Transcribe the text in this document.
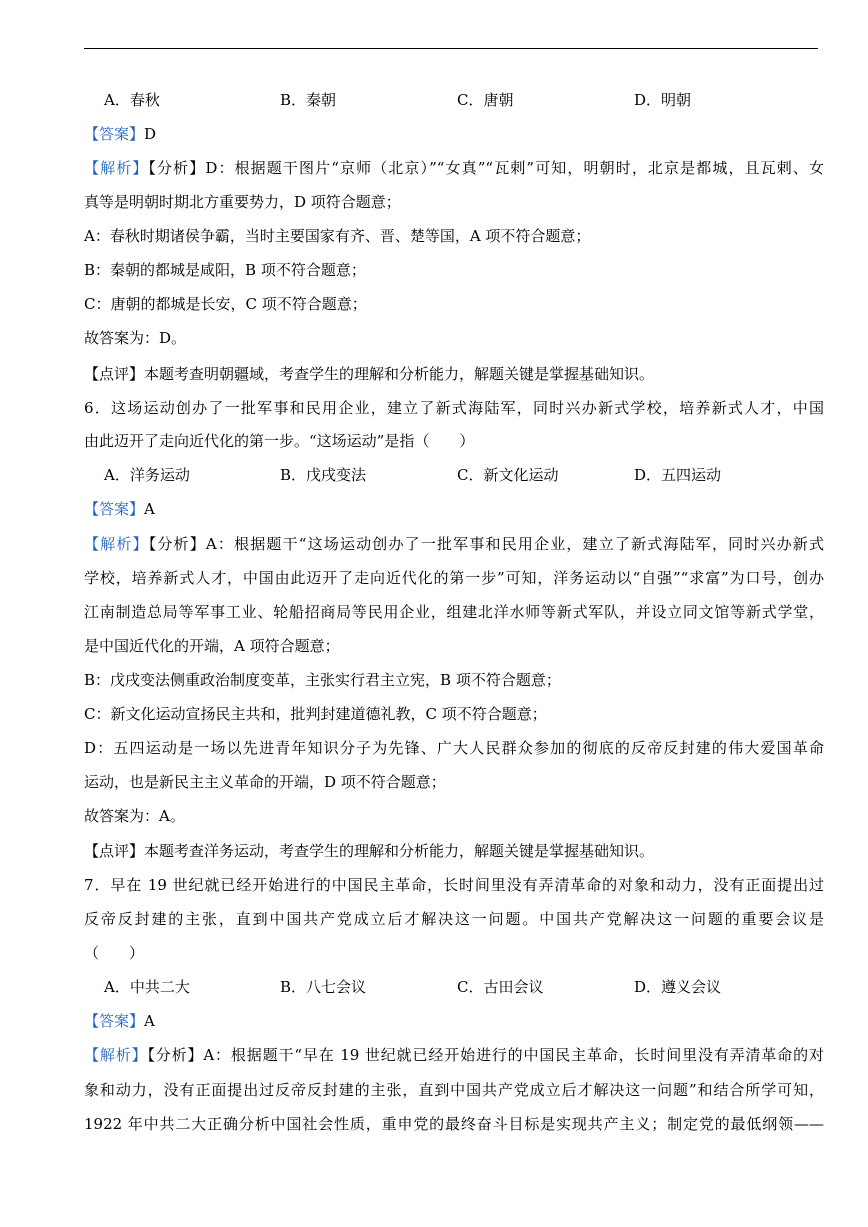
A．春秋	B．秦朝	C．唐朝	D．明朝
【答案】D
【解析】【分析】D：根据题干图片“京师（北京）”“女真”“瓦剌”可知，明朝时，北京是都城，且瓦剌、女
真等是明朝时期北方重要势力，D 项符合题意；
A：春秋时期诸侯争霸，当时主要国家有齐、晋、楚等国，A 项不符合题意；
B：秦朝的都城是咸阳，B 项不符合题意；
C：唐朝的都城是长安，C 项不符合题意；
故答案为：D。
【点评】本题考查明朝疆域，考查学生的理解和分析能力，解题关键是掌握基础知识。
6．这场运动创办了一批军事和民用企业，建立了新式海陆军，同时兴办新式学校，培养新式人才，中国
由此迈开了走向近代化的第一步。“这场运动”是指（　　）
A．洋务运动	B．戊戌变法	C．新文化运动	D．五四运动
【答案】A
【解析】【分析】A：根据题干“这场运动创办了一批军事和民用企业，建立了新式海陆军，同时兴办新式
学校，培养新式人才，中国由此迈开了走向近代化的第一步”可知，洋务运动以“自强”“求富”为口号，创办
江南制造总局等军事工业、轮船招商局等民用企业，组建北洋水师等新式军队，并设立同文馆等新式学堂，
是中国近代化的开端，A 项符合题意；
B：戊戌变法侧重政治制度变革，主张实行君主立宪，B 项不符合题意；
C：新文化运动宣扬民主共和，批判封建道德礼教，C 项不符合题意；
D：五四运动是一场以先进青年知识分子为先锋、广大人民群众参加的彻底的反帝反封建的伟大爱国革命
运动，也是新民主主义革命的开端，D 项不符合题意；
故答案为：A。
【点评】本题考查洋务运动，考查学生的理解和分析能力，解题关键是掌握基础知识。
7．早在 19 世纪就已经开始进行的中国民主革命，长时间里没有弄清革命的对象和动力，没有正面提出过
反帝反封建的主张，直到中国共产党成立后才解决这一问题。中国共产党解决这一问题的重要会议是
（　　）
A．中共二大	B．八七会议	C．古田会议	D．遵义会议
【答案】A
【解析】【分析】A：根据题干“早在 19 世纪就已经开始进行的中国民主革命，长时间里没有弄清革命的对
象和动力，没有正面提出过反帝反封建的主张，直到中国共产党成立后才解决这一问题”和结合所学可知，
1922 年中共二大正确分析中国社会性质，重申党的最终奋斗目标是实现共产主义；制定党的最低纲领——
